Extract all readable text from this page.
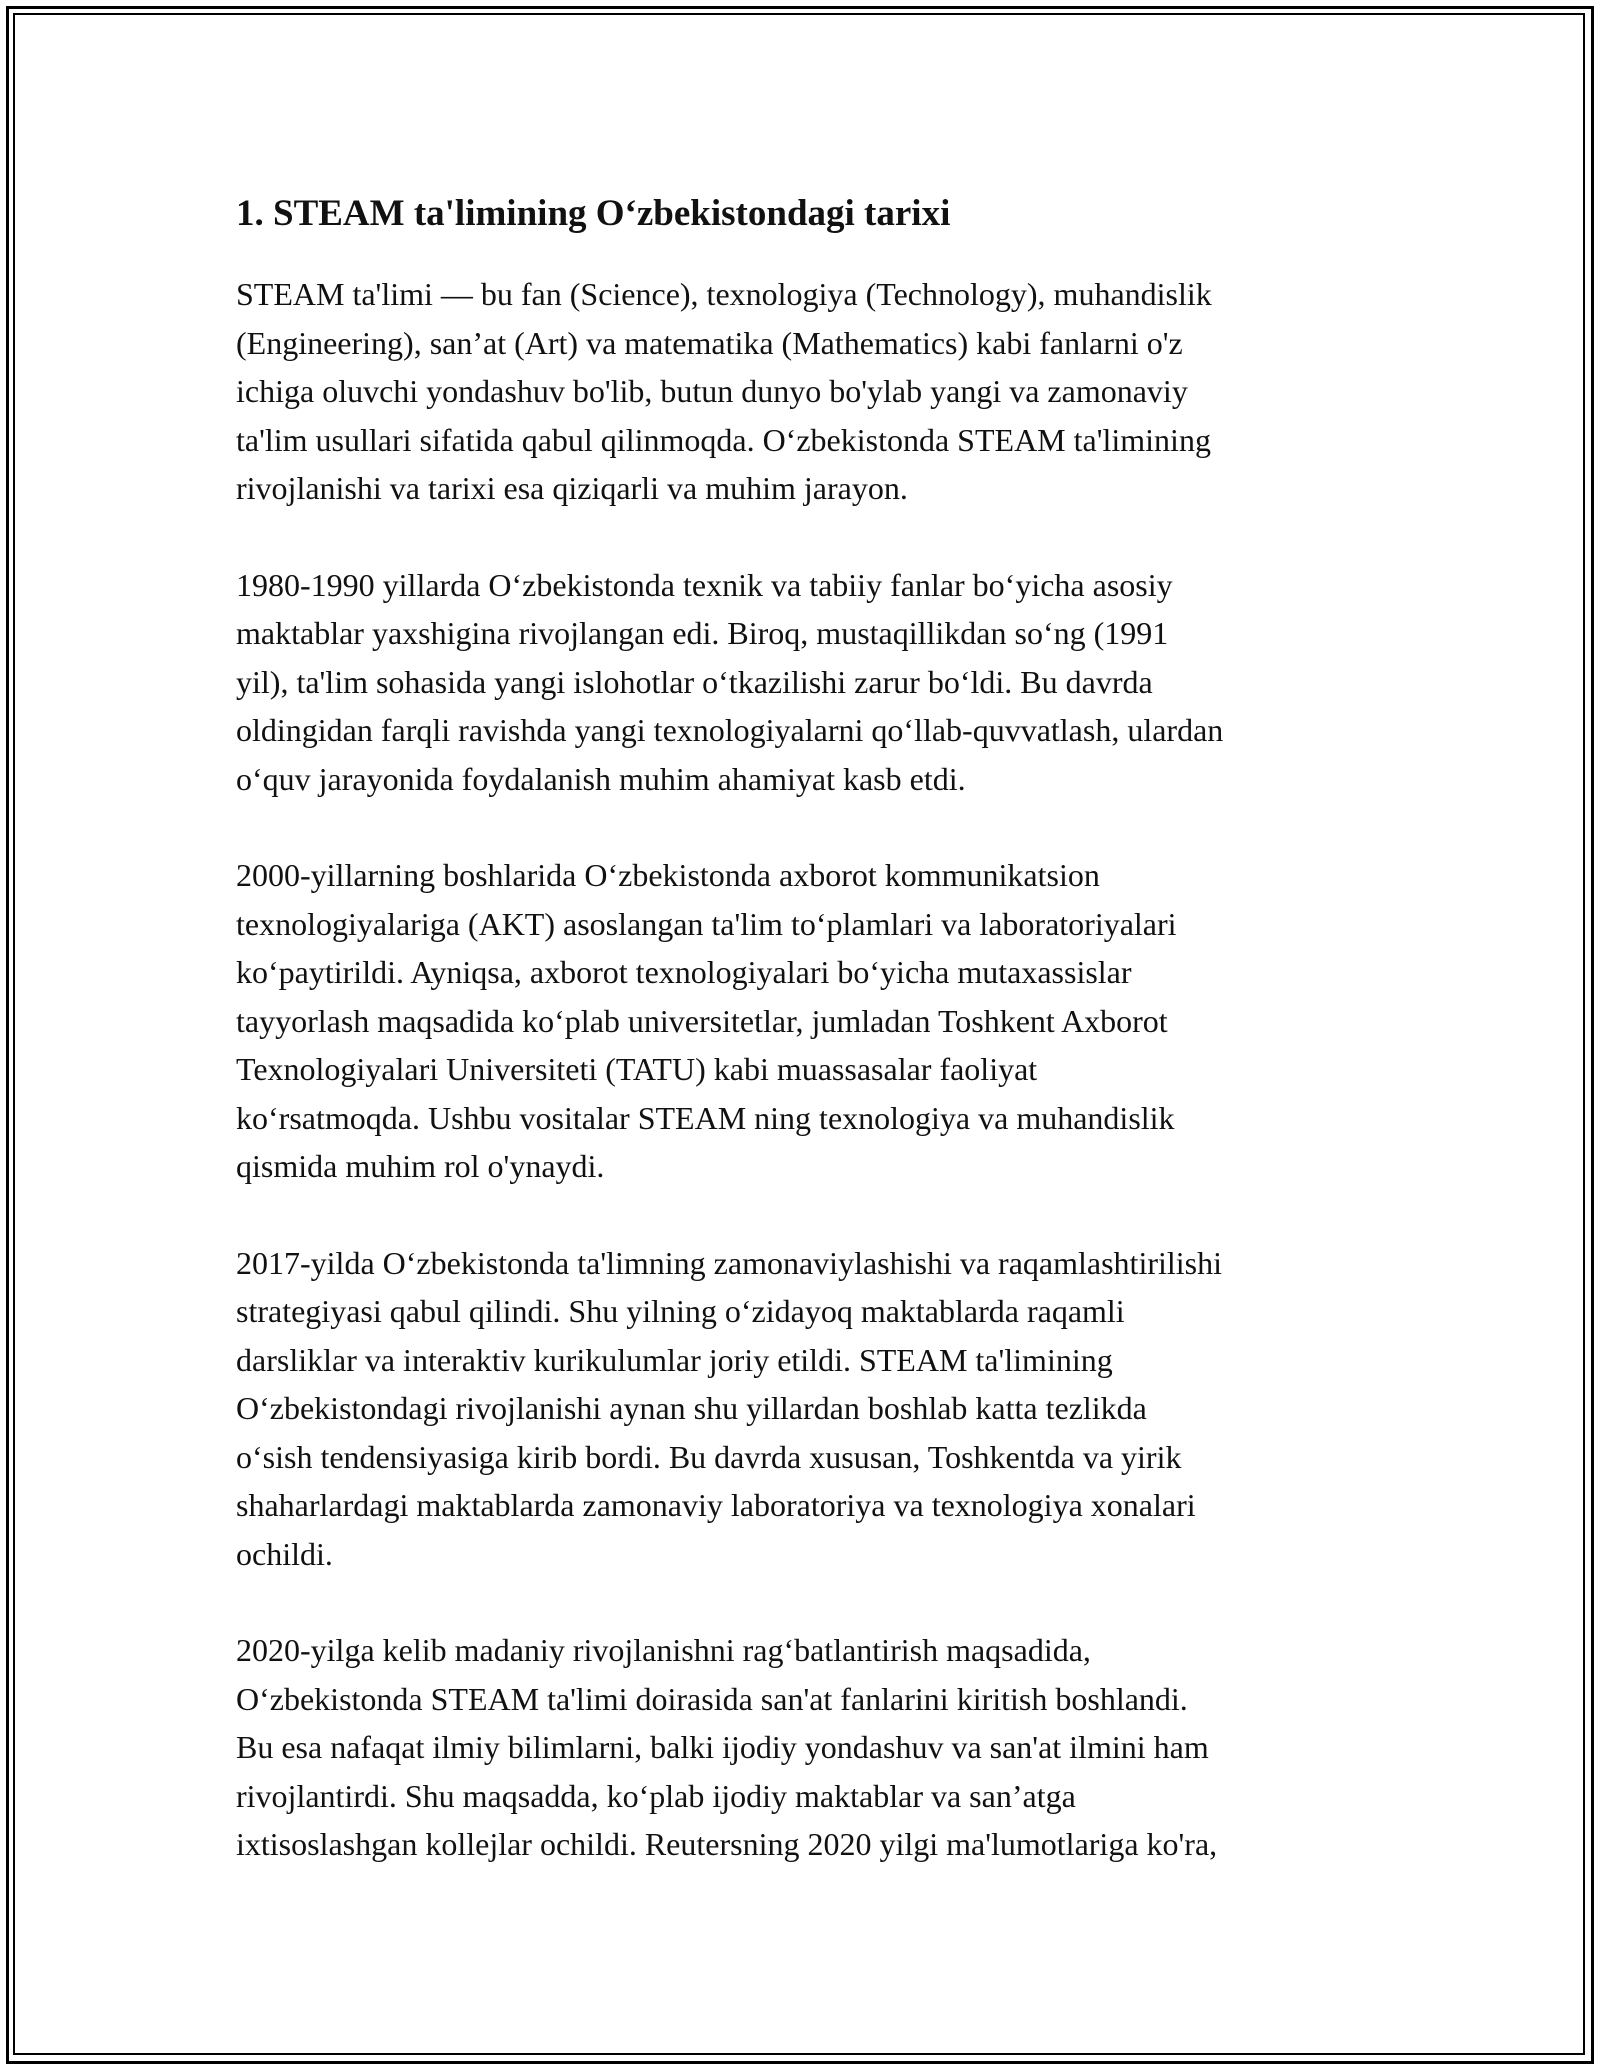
1. STEAM ta'limining O‘zbekistondagi tarixi

STEAM ta'limi — bu fan (Science), texnologiya (Technology), muhandislik
(Engineering), san’at (Art) va matematika (Mathematics) kabi fanlarni o'z
ichiga oluvchi yondashuv bo'lib, butun dunyo bo'ylab yangi va zamonaviy
ta'lim usullari sifatida qabul qilinmoqda. O‘zbekistonda STEAM ta'limining
rivojlanishi va tarixi esa qiziqarli va muhim jarayon.

1980-1990 yillarda O‘zbekistonda texnik va tabiiy fanlar bo‘yicha asosiy
maktablar yaxshigina rivojlangan edi. Biroq, mustaqillikdan so‘ng (1991
yil), ta'lim sohasida yangi islohotlar o‘tkazilishi zarur bo‘ldi. Bu davrda
oldingidan farqli ravishda yangi texnologiyalarni qo‘llab-quvvatlash, ulardan
o‘quv jarayonida foydalanish muhim ahamiyat kasb etdi.

2000-yillarning boshlarida O‘zbekistonda axborot kommunikatsion
texnologiyalariga (AKT) asoslangan ta'lim to‘plamlari va laboratoriyalari
ko‘paytirildi. Ayniqsa, axborot texnologiyalari bo‘yicha mutaxassislar
tayyorlash maqsadida ko‘plab universitetlar, jumladan Toshkent Axborot
Texnologiyalari Universiteti (TATU) kabi muassasalar faoliyat
ko‘rsatmoqda. Ushbu vositalar STEAM ning texnologiya va muhandislik
qismida muhim rol o'ynaydi.

2017-yilda O‘zbekistonda ta'limning zamonaviylashishi va raqamlashtirilishi
strategiyasi qabul qilindi. Shu yilning o‘zidayoq maktablarda raqamli
darsliklar va interaktiv kurikulumlar joriy etildi. STEAM ta'limining
O‘zbekistondagi rivojlanishi aynan shu yillardan boshlab katta tezlikda
o‘sish tendensiyasiga kirib bordi. Bu davrda xususan, Toshkentda va yirik
shaharlardagi maktablarda zamonaviy laboratoriya va texnologiya xonalari
ochildi.

2020-yilga kelib madaniy rivojlanishni rag‘batlantirish maqsadida,
O‘zbekistonda STEAM ta'limi doirasida san'at fanlarini kiritish boshlandi.
Bu esa nafaqat ilmiy bilimlarni, balki ijodiy yondashuv va san'at ilmini ham
rivojlantirdi. Shu maqsadda, ko‘plab ijodiy maktablar va san’atga
ixtisoslashgan kollejlar ochildi. Reutersning 2020 yilgi ma'lumotlariga ko'ra,
